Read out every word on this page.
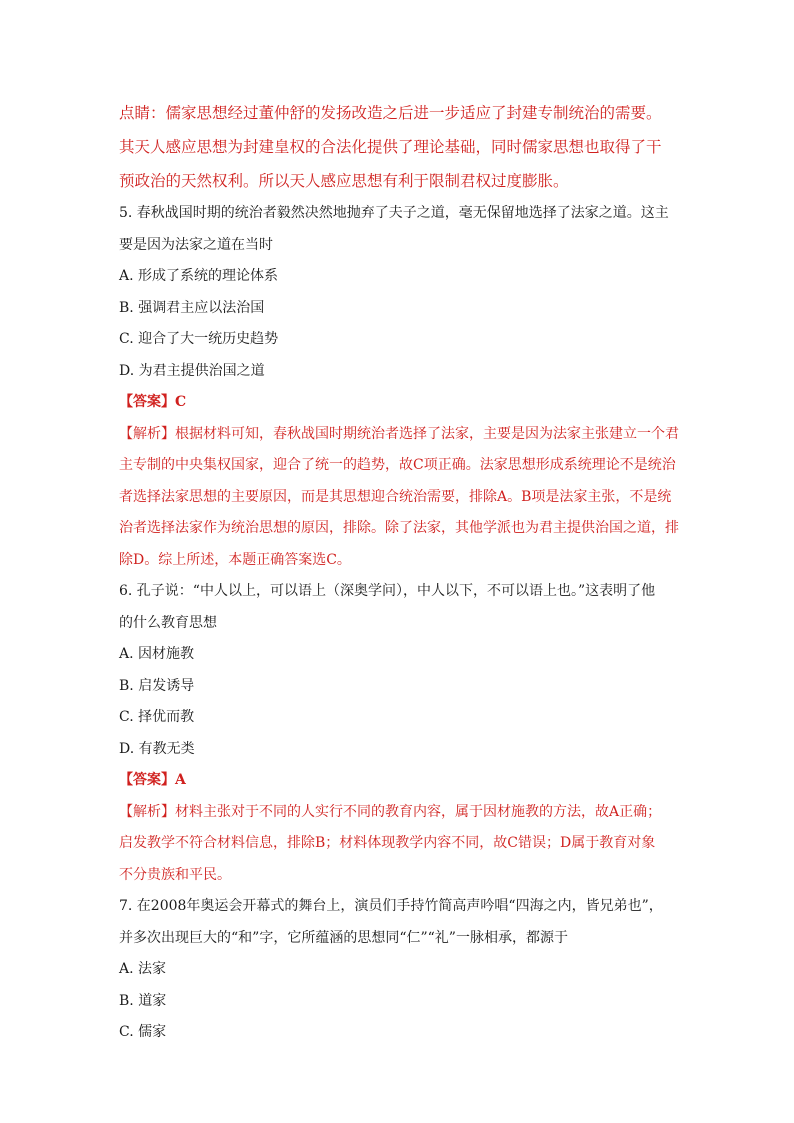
点睛：儒家思想经过董仲舒的发扬改造之后进一步适应了封建专制统治的需要。
其天人感应思想为封建皇权的合法化提供了理论基础，同时儒家思想也取得了干
预政治的天然权利。所以天人感应思想有利于限制君权过度膨胀。
5. 春秋战国时期的统治者毅然决然地抛弃了夫子之道，毫无保留地选择了法家之道。这主
要是因为法家之道在当时
A. 形成了系统的理论体系
B. 强调君主应以法治国
C. 迎合了大一统历史趋势
D. 为君主提供治国之道
【答案】C
【解析】根据材料可知，春秋战国时期统治者选择了法家，主要是因为法家主张建立一个君
主专制的中央集权国家，迎合了统一的趋势，故C项正确。法家思想形成系统理论不是统治
者选择法家思想的主要原因，而是其思想迎合统治需要，排除A。B项是法家主张，不是统
治者选择法家作为统治思想的原因，排除。除了法家，其他学派也为君主提供治国之道，排
除D。综上所述，本题正确答案选C。
6. 孔子说：“中人以上，可以语上（深奥学问），中人以下，不可以语上也。”这表明了他
的什么教育思想
A. 因材施教
B. 启发诱导
C. 择优而教
D. 有教无类
【答案】A
【解析】材料主张对于不同的人实行不同的教育内容，属于因材施教的方法，故A正确；
启发教学不符合材料信息，排除B；材料体现教学内容不同，故C错误；D属于教育对象
不分贵族和平民。
7. 在2008年奥运会开幕式的舞台上，演员们手持竹简高声吟唱“四海之内，皆兄弟也”，
并多次出现巨大的“和”字，它所蕴涵的思想同“仁”“礼”一脉相承，都源于
A. 法家
B. 道家
C. 儒家
